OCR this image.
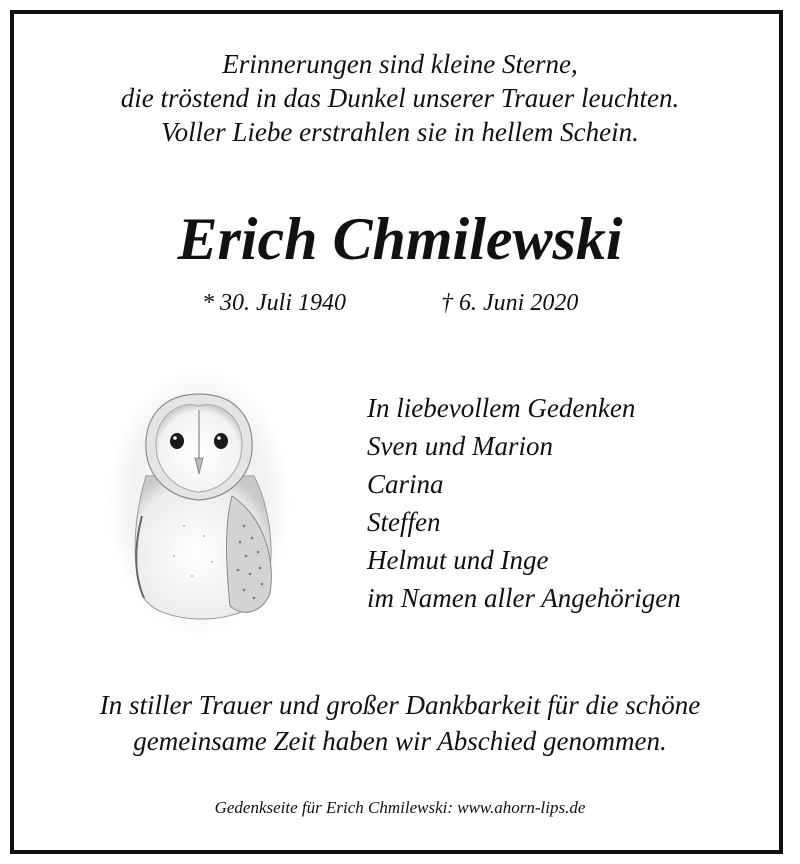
Erinnerungen sind kleine Sterne,
die tröstend in das Dunkel unserer Trauer leuchten.
Voller Liebe erstrahlen sie in hellem Schein.
Erich Chmilewski
* 30. Juli 1940	† 6. Juni 2020
In liebevollem Gedenken
Sven und Marion
Carina
Steffen
Helmut und Inge
im Namen aller Angehörigen
In stiller Trauer und großer Dankbarkeit für die schöne
gemeinsame Zeit haben wir Abschied genommen.
Gedenkseite für Erich Chmilewski: www.ahorn-lips.de
